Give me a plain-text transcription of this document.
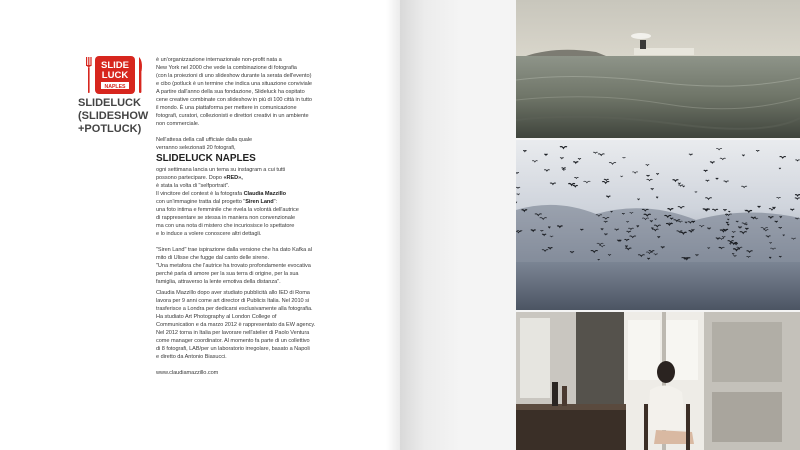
SLIDE
LUCK
NAPLES
SLIDELUCK
(SLIDESHOW
+POTLUCK)
è un'organizzazione internazionale non-profit nata a
New York nel 2000 che vede la combinazione di fotografia
(con la proiezioni di uno slideshow durante la serata dell'evento)
e cibo (potluck è un termine che indica una situazione conviviale
A partire dall'anno della sua fondazione, Slideluck ha ospitato
cene creative combinate con slideshow in più di 100 città in tutto
il mondo. È una piattaforma per mettere in comunicazione
fotografi, curatori, collezionisti e direttori creativi in un ambiente
non commerciale.
Nell'attesa della call ufficiale dalla quale
verranno selezionati 20 fotografi,
SLIDELUCK NAPLES
ogni settimana lancia un tema su instagram a cui tutti
possono partecipare. Dopo «RED»,
è stata la volta di "selfportrait".
Il vincitore del contest è la fotografa Claudia Mazzillo
con un'immagine tratta dal progetto "Siren Land":
una foto intima e femminile che rivela la volontà dell'autrice
di rappresentare se stessa in maniera non convenzionale
ma con una nota di mistero che incuriosisce lo spettatore
e lo induce a volere conoscere altri dettagli.
"Siren Land" trae ispirazione dalla versione che ha dato Kafka al
mito di Ulisse che fugge dal canto delle sirene.
"Una metafora che l'autrice ha trovato profondamente evocativa
perché parla di amore per la sua terra di origine, per la sua
famiglia, attraverso la lente emotiva della distanza".
Claudia Mazzillo dopo aver studiato pubblicità allo IED di Roma
lavora per 9 anni come art director di Publicis Italia. Nel 2010 si
trasferisce a Londra per dedicarsi esclusivamente alla fotografia.
Ha studiato Art Photography al London College of
Communication e da marzo 2012 è rappresentato da EW agency.
Nel 2012 torna in Italia per lavorare nell'atelier di Paolo Ventura
come manager coordinator. Al momento fa parte di un collettivo
di 8 fotografi, LAB/per un laboratorio irregolare, basato a Napoli
e diretto da Antonio Biasucci.
www.claudiamazzillo.com
